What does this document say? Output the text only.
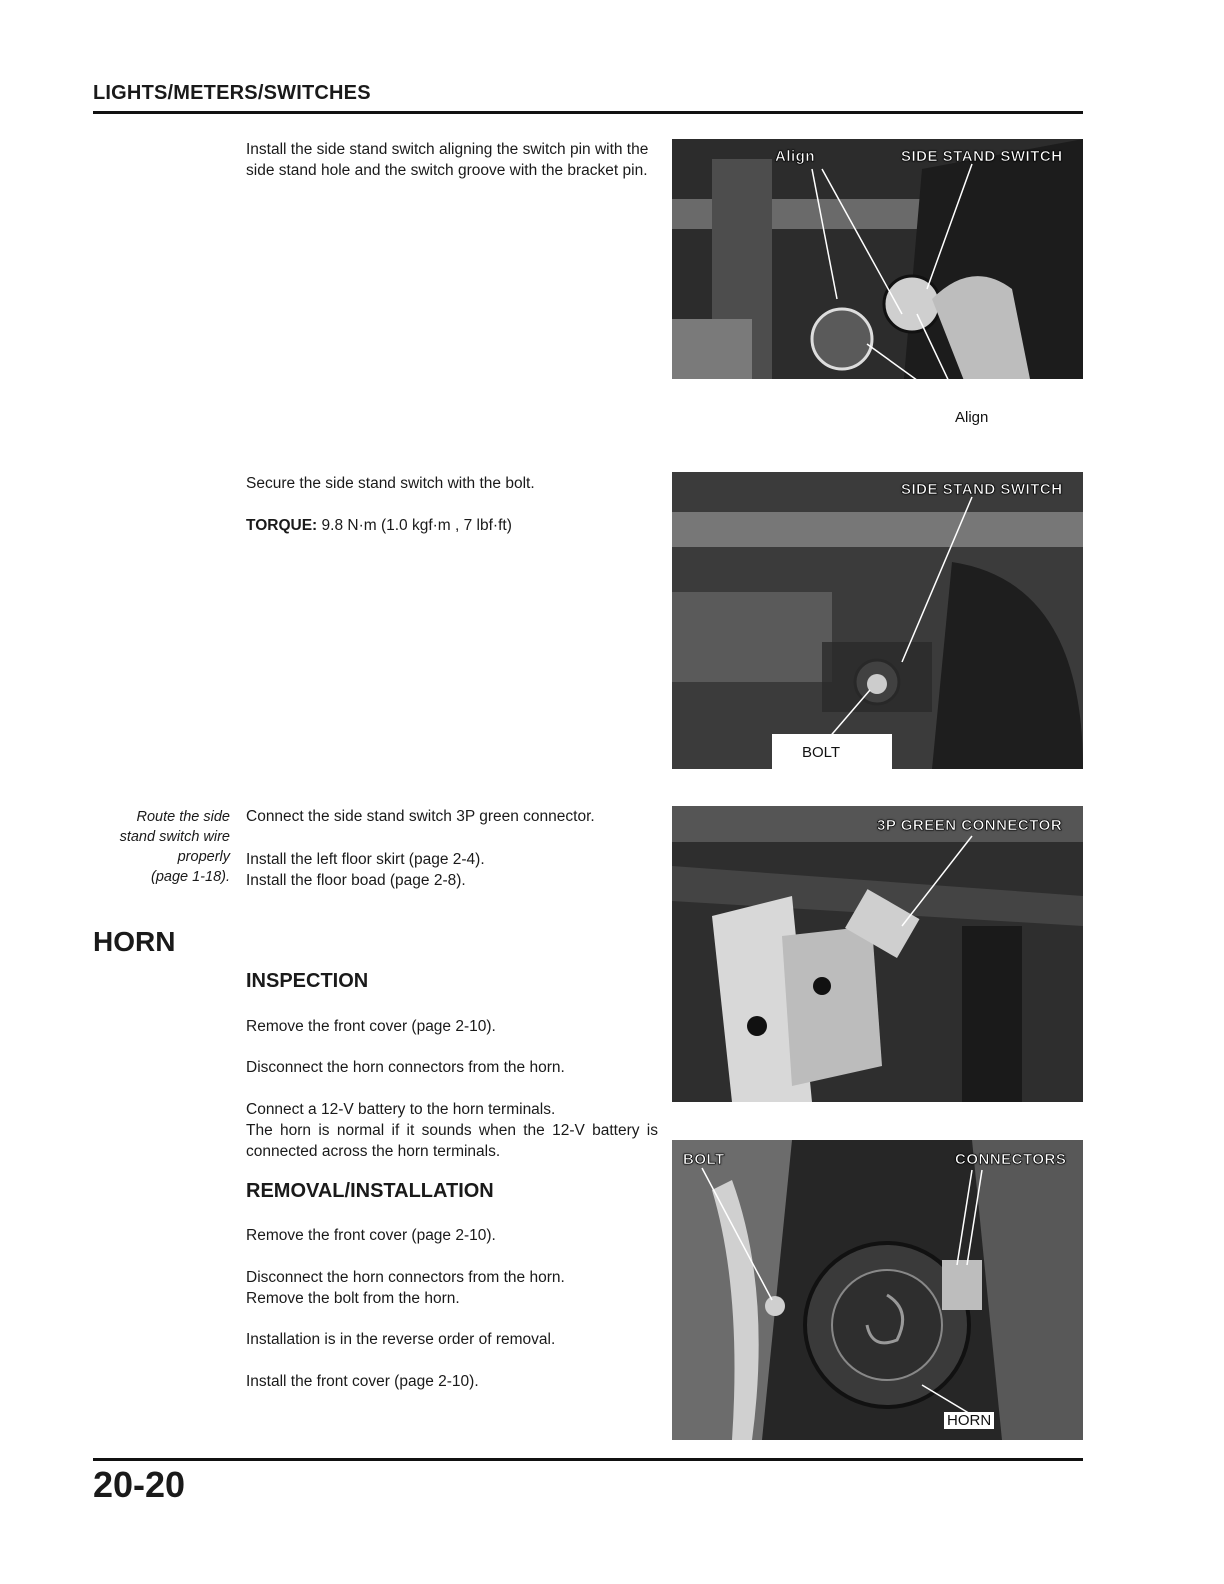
LIGHTS/METERS/SWITCHES
Install the side stand switch aligning the switch pin with the side stand hole and the switch groove with the bracket pin.
Align	SIDE STAND SWITCH
Align
Secure the side stand switch with the bolt.
TORQUE: 9.8 N·m (1.0 kgf·m , 7 lbf·ft)
SIDE STAND SWITCH
BOLT
Route the side
stand switch wire
properly
(page 1-18).
Connect the side stand switch 3P green connector.
Install the left floor skirt (page 2-4).
Install the floor boad (page 2-8).
3P GREEN CONNECTOR
HORN
INSPECTION
Remove the front cover (page 2-10).
Disconnect the horn connectors from the horn.
Connect a 12-V battery to the horn terminals.
The horn is normal if it sounds when the 12-V battery is connected across the horn terminals.
REMOVAL/INSTALLATION
Remove the front cover (page 2-10).
Disconnect the horn connectors from the horn.
Remove the bolt from the horn.
Installation is in the reverse order of removal.
Install the front cover (page 2-10).
BOLT	CONNECTORS
HORN
20-20
